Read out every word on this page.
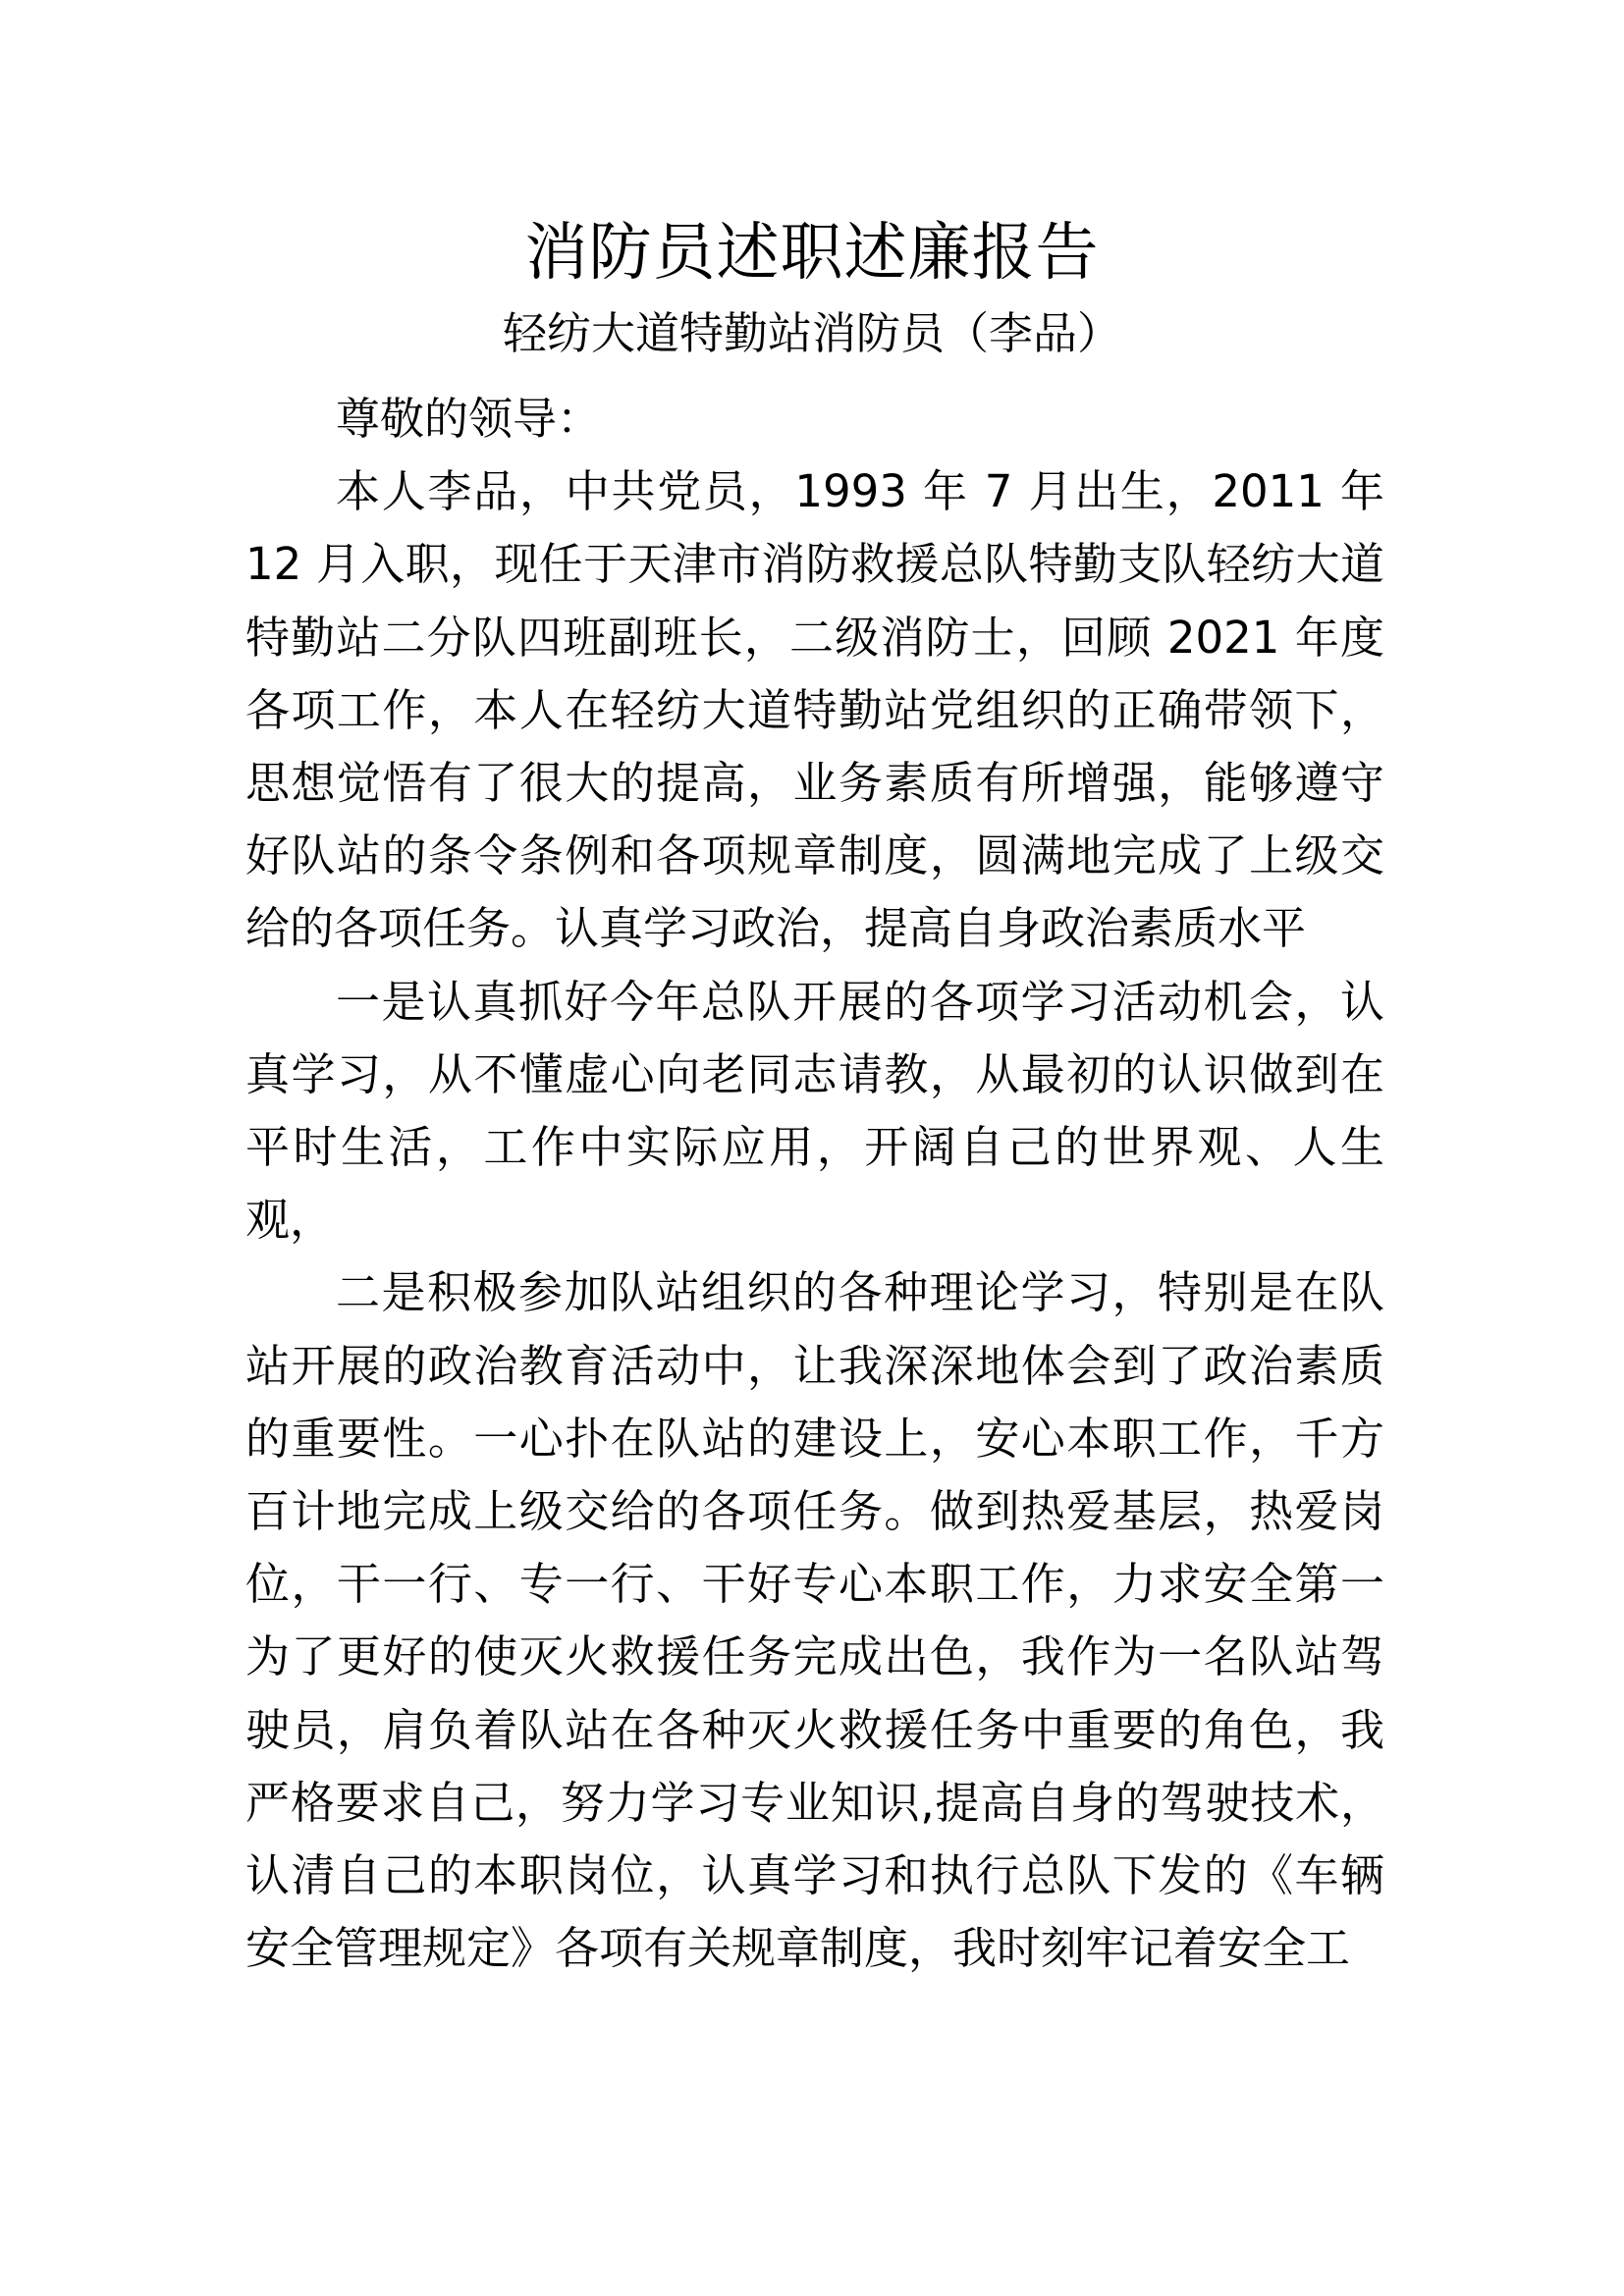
消防员述职述廉报告
轻纺大道特勤站消防员（李品）

尊敬的领导：

本人李品，中共党员，1993 年 7 月出生，2011 年 12 月入职，现任于天津市消防救援总队特勤支队轻纺大道特勤站二分队四班副班长，二级消防士，回顾 2021 年度各项工作，本人在轻纺大道特勤站党组织的正确带领下，思想觉悟有了很大的提高，业务素质有所增强，能够遵守好队站的条令条例和各项规章制度，圆满地完成了上级交给的各项任务。认真学习政治，提高自身政治素质水平

一是认真抓好今年总队开展的各项学习活动机会，认真学习，从不懂虚心向老同志请教，从最初的认识做到在平时生活，工作中实际应用，开阔自己的世界观、人生观，

二是积极参加队站组织的各种理论学习，特别是在队站开展的政治教育活动中，让我深深地体会到了政治素质的重要性。一心扑在队站的建设上，安心本职工作，千方百计地完成上级交给的各项任务。做到热爱基层，热爱岗位，干一行、专一行、干好专心本职工作，力求安全第一为了更好的使灭火救援任务完成出色，我作为一名队站驾驶员，肩负着队站在各种灭火救援任务中重要的角色，我严格要求自己，努力学习专业知识,提高自身的驾驶技术，认清自己的本职岗位，认真学习和执行总队下发的《车辆安全管理规定》各项有关规章制度，我时刻牢记着安全工
